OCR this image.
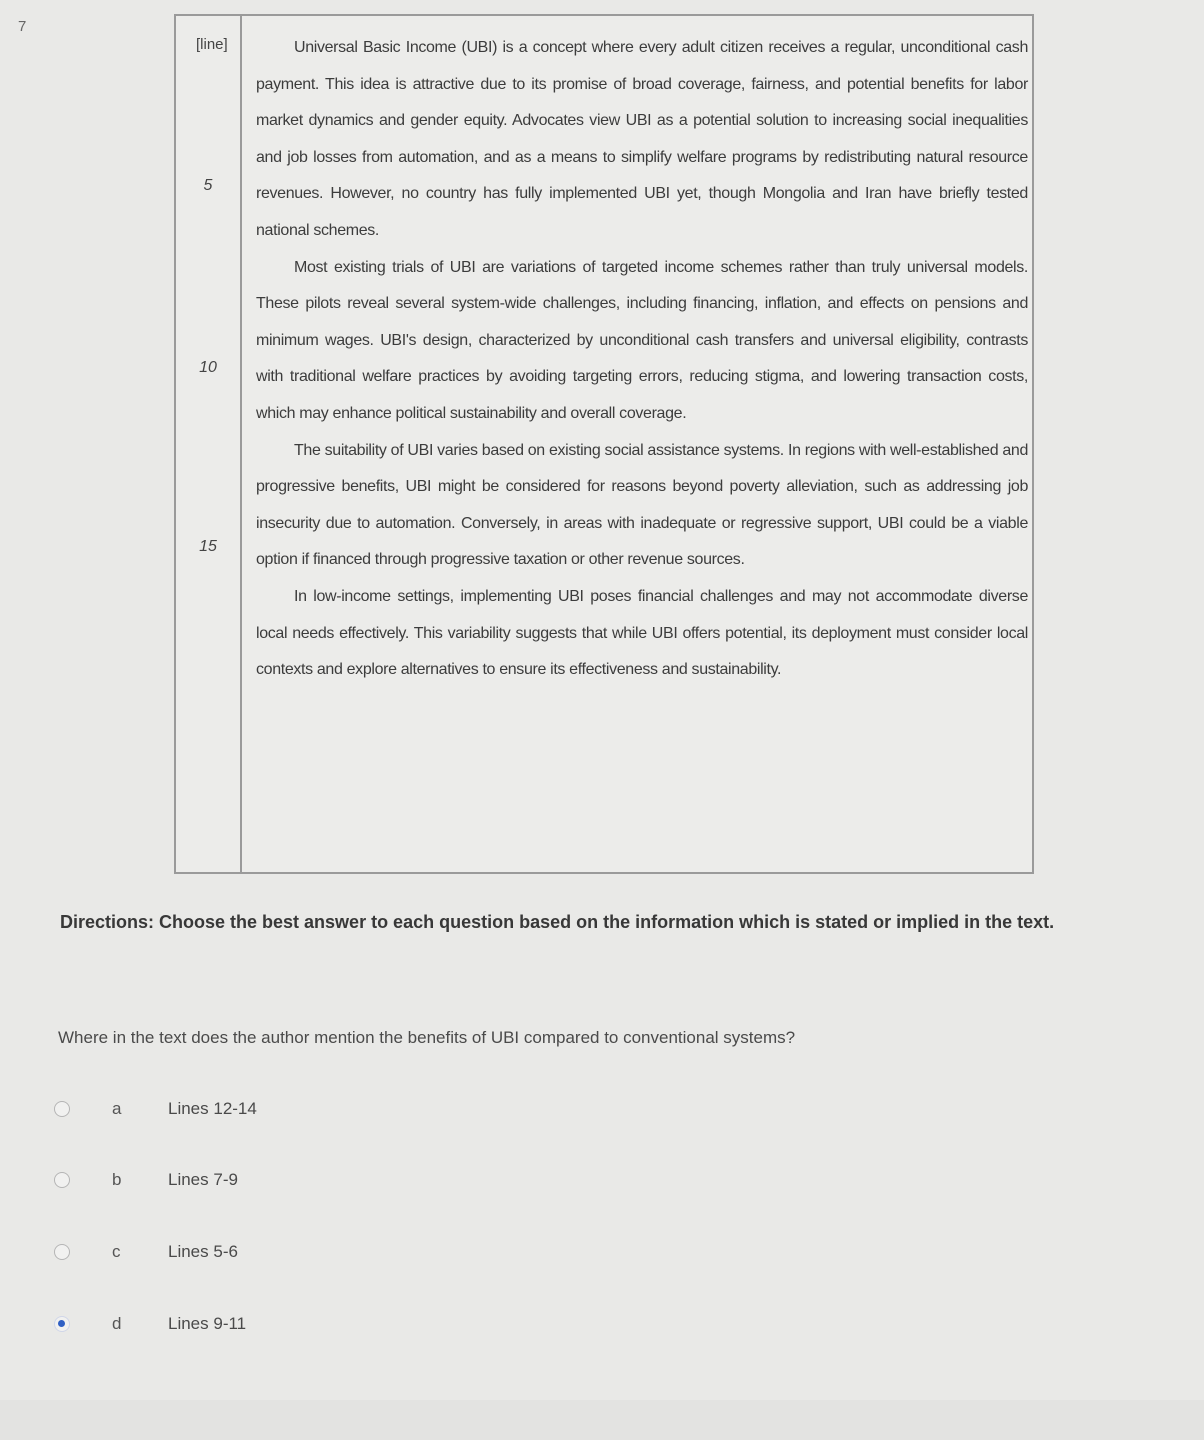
7
[line]
5
10
15

Universal Basic Income (UBI) is a concept where every adult citizen receives a regular, unconditional cash payment. This idea is attractive due to its promise of broad coverage, fairness, and potential benefits for labor market dynamics and gender equity. Advocates view UBI as a potential solution to increasing social inequalities and job losses from automation, and as a means to simplify welfare programs by redistributing natural resource revenues. However, no country has fully implemented UBI yet, though Mongolia and Iran have briefly tested national schemes.

Most existing trials of UBI are variations of targeted income schemes rather than truly universal models. These pilots reveal several system-wide challenges, including financing, inflation, and effects on pensions and minimum wages. UBI's design, characterized by unconditional cash transfers and universal eligibility, contrasts with traditional welfare practices by avoiding targeting errors, reducing stigma, and lowering transaction costs, which may enhance political sustainability and overall coverage.

The suitability of UBI varies based on existing social assistance systems. In regions with well-established and progressive benefits, UBI might be considered for reasons beyond poverty alleviation, such as addressing job insecurity due to automation. Conversely, in areas with inadequate or regressive support, UBI could be a viable option if financed through progressive taxation or other revenue sources.

In low-income settings, implementing UBI poses financial challenges and may not accommodate diverse local needs effectively. This variability suggests that while UBI offers potential, its deployment must consider local contexts and explore alternatives to ensure its effectiveness and sustainability.

Directions: Choose the best answer to each question based on the information which is stated or implied in the text.
Where in the text does the author mention the benefits of UBI compared to conventional systems?
a	Lines 12-14
b	Lines 7-9
c	Lines 5-6
d	Lines 9-11
